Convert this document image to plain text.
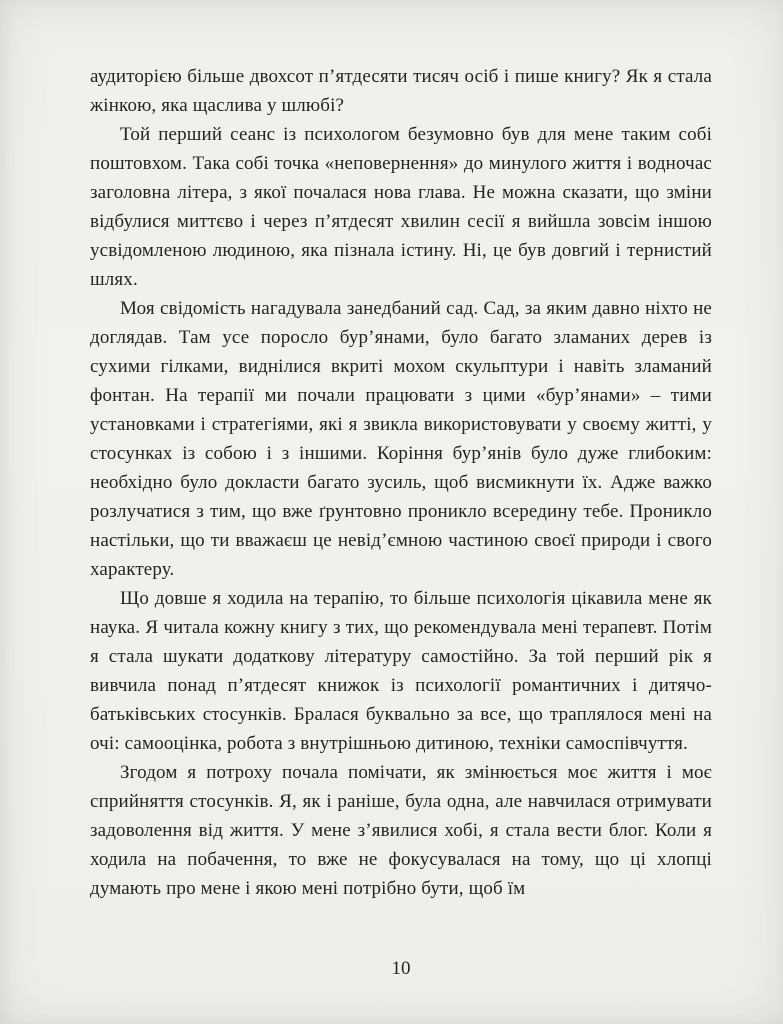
аудиторією більше двохсот п’ятдесяти тисяч осіб і пише книгу? Як я стала жінкою, яка щаслива у шлюбі?

Той перший сеанс із психологом безумовно був для мене таким собі поштовхом. Така собі точка «неповернення» до минулого життя і водночас заголовна літера, з якої почалася нова глава. Не можна сказати, що зміни відбулися миттєво і через п’ятдесят хвилин сесії я вийшла зовсім іншою усвідомленою людиною, яка пізнала істину. Ні, це був довгий і тернистий шлях.

Моя свідомість нагадувала занедбаний сад. Сад, за яким давно ніхто не доглядав. Там усе поросло бур’янами, було багато зламаних дерев із сухими гілками, виднілися вкриті мохом скульптури і навіть зламаний фонтан. На терапії ми почали працювати з цими «бур’янами» – тими установками і стратегіями, які я звикла використовувати у своєму житті, у стосунках із собою і з іншими. Коріння бур’янів було дуже глибоким: необхідно було докласти багато зусиль, щоб висмикнути їх. Адже важко розлучатися з тим, що вже ґрунтовно проникло всередину тебе. Проникло настільки, що ти вважаєш це невід’ємною частиною своєї природи і свого характеру.

Що довше я ходила на терапію, то більше психологія цікавила мене як наука. Я читала кожну книгу з тих, що рекомендувала мені терапевт. Потім я стала шукати додаткову літературу самостійно. За той перший рік я вивчила понад п’ятдесят книжок із психології романтичних і дитячо-батьківських стосунків. Бралася буквально за все, що траплялося мені на очі: самооцінка, робота з внутрішньою дитиною, техніки самоспівчуття.

Згодом я потроху почала помічати, як змінюється моє життя і моє сприйняття стосунків. Я, як і раніше, була одна, але навчилася отримувати задоволення від життя. У мене з’явилися хобі, я стала вести блог. Коли я ходила на побачення, то вже не фокусувалася на тому, що ці хлопці думають про мене і якою мені потрібно бути, щоб їм

10
